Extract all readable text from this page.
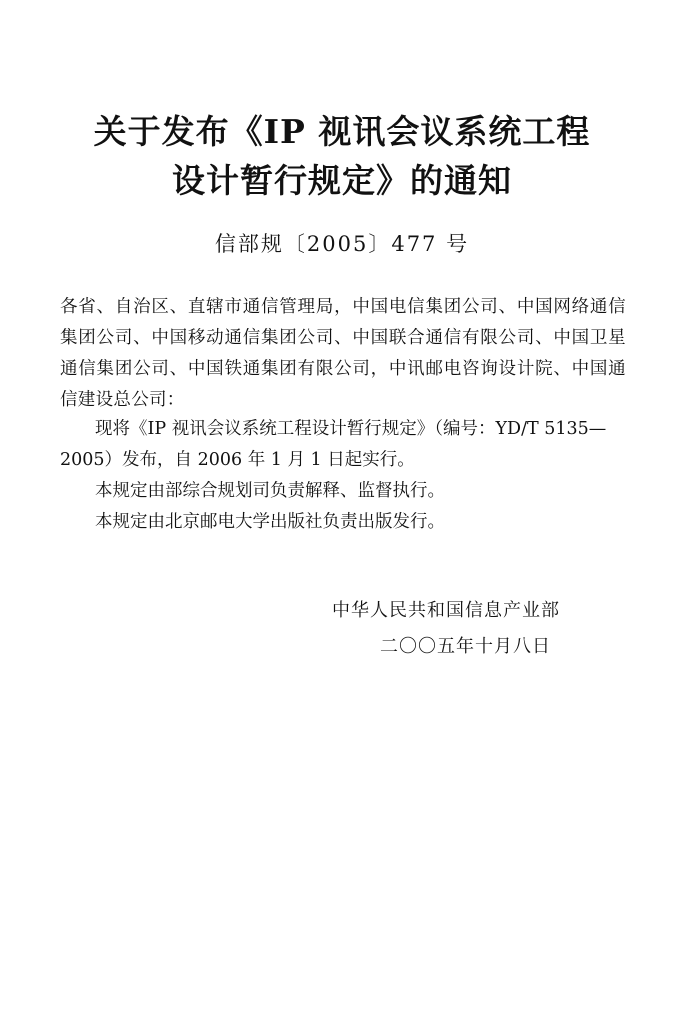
关于发布《IP 视讯会议系统工程
设计暂行规定》的通知
信部规〔2005〕477 号
各省、自治区、直辖市通信管理局，中国电信集团公司、中国网络通信集团公司、中国移动通信集团公司、中国联合通信有限公司、中国卫星通信集团公司、中国铁通集团有限公司，中讯邮电咨询设计院、中国通信建设总公司：

现将《IP 视讯会议系统工程设计暂行规定》（编号：YD/T 5135—2005）发布，自 2006 年 1 月 1 日起实行。

本规定由部综合规划司负责解释、监督执行。

本规定由北京邮电大学出版社负责出版发行。

中华人民共和国信息产业部
二〇〇五年十月八日
